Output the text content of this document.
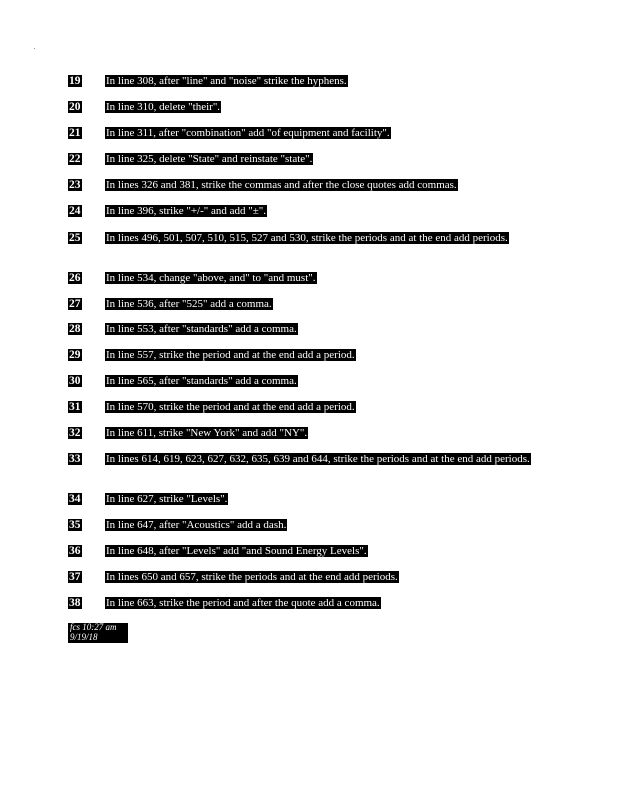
19 In line 308, after "line" and "noise" strike the hyphens.

20 In line 310, delete "their".

21 In line 311, after "combination" add "of equipment and facility".

22 In line 325, delete "State" and reinstate "state".

23 In lines 326 and 381, strike the commas and after the close quotes add commas.

24 In line 396, strike "+/-" and add "±".

25 In lines 496, 501, 507, 510, 515, 527 and 530, strike the periods and at the end add periods.

26 In line 534, change "above, and" to "and must".

27 In line 536, after "525" add a comma.

28 In line 553, after "standards" add a comma.

29 In line 557, strike the period and at the end add a period.

30 In line 565, after "standards" add a comma.

31 In line 570, strike the period and at the end add a period.

32 In line 611, strike "New York" and add "NY".

33 In lines 614, 619, 623, 627, 632, 635, 639 and 644, strike the periods and at the end add periods.

34 In line 627, strike "Levels".

35 In line 647, after "Acoustics" add a dash.

36 In line 648, after "Levels" add "and Sound Energy Levels".

37 In lines 650 and 657, strike the periods and at the end add periods.

38 In line 663, strike the period and after the quote add a comma.

fcs 10:27 am
9/19/18
